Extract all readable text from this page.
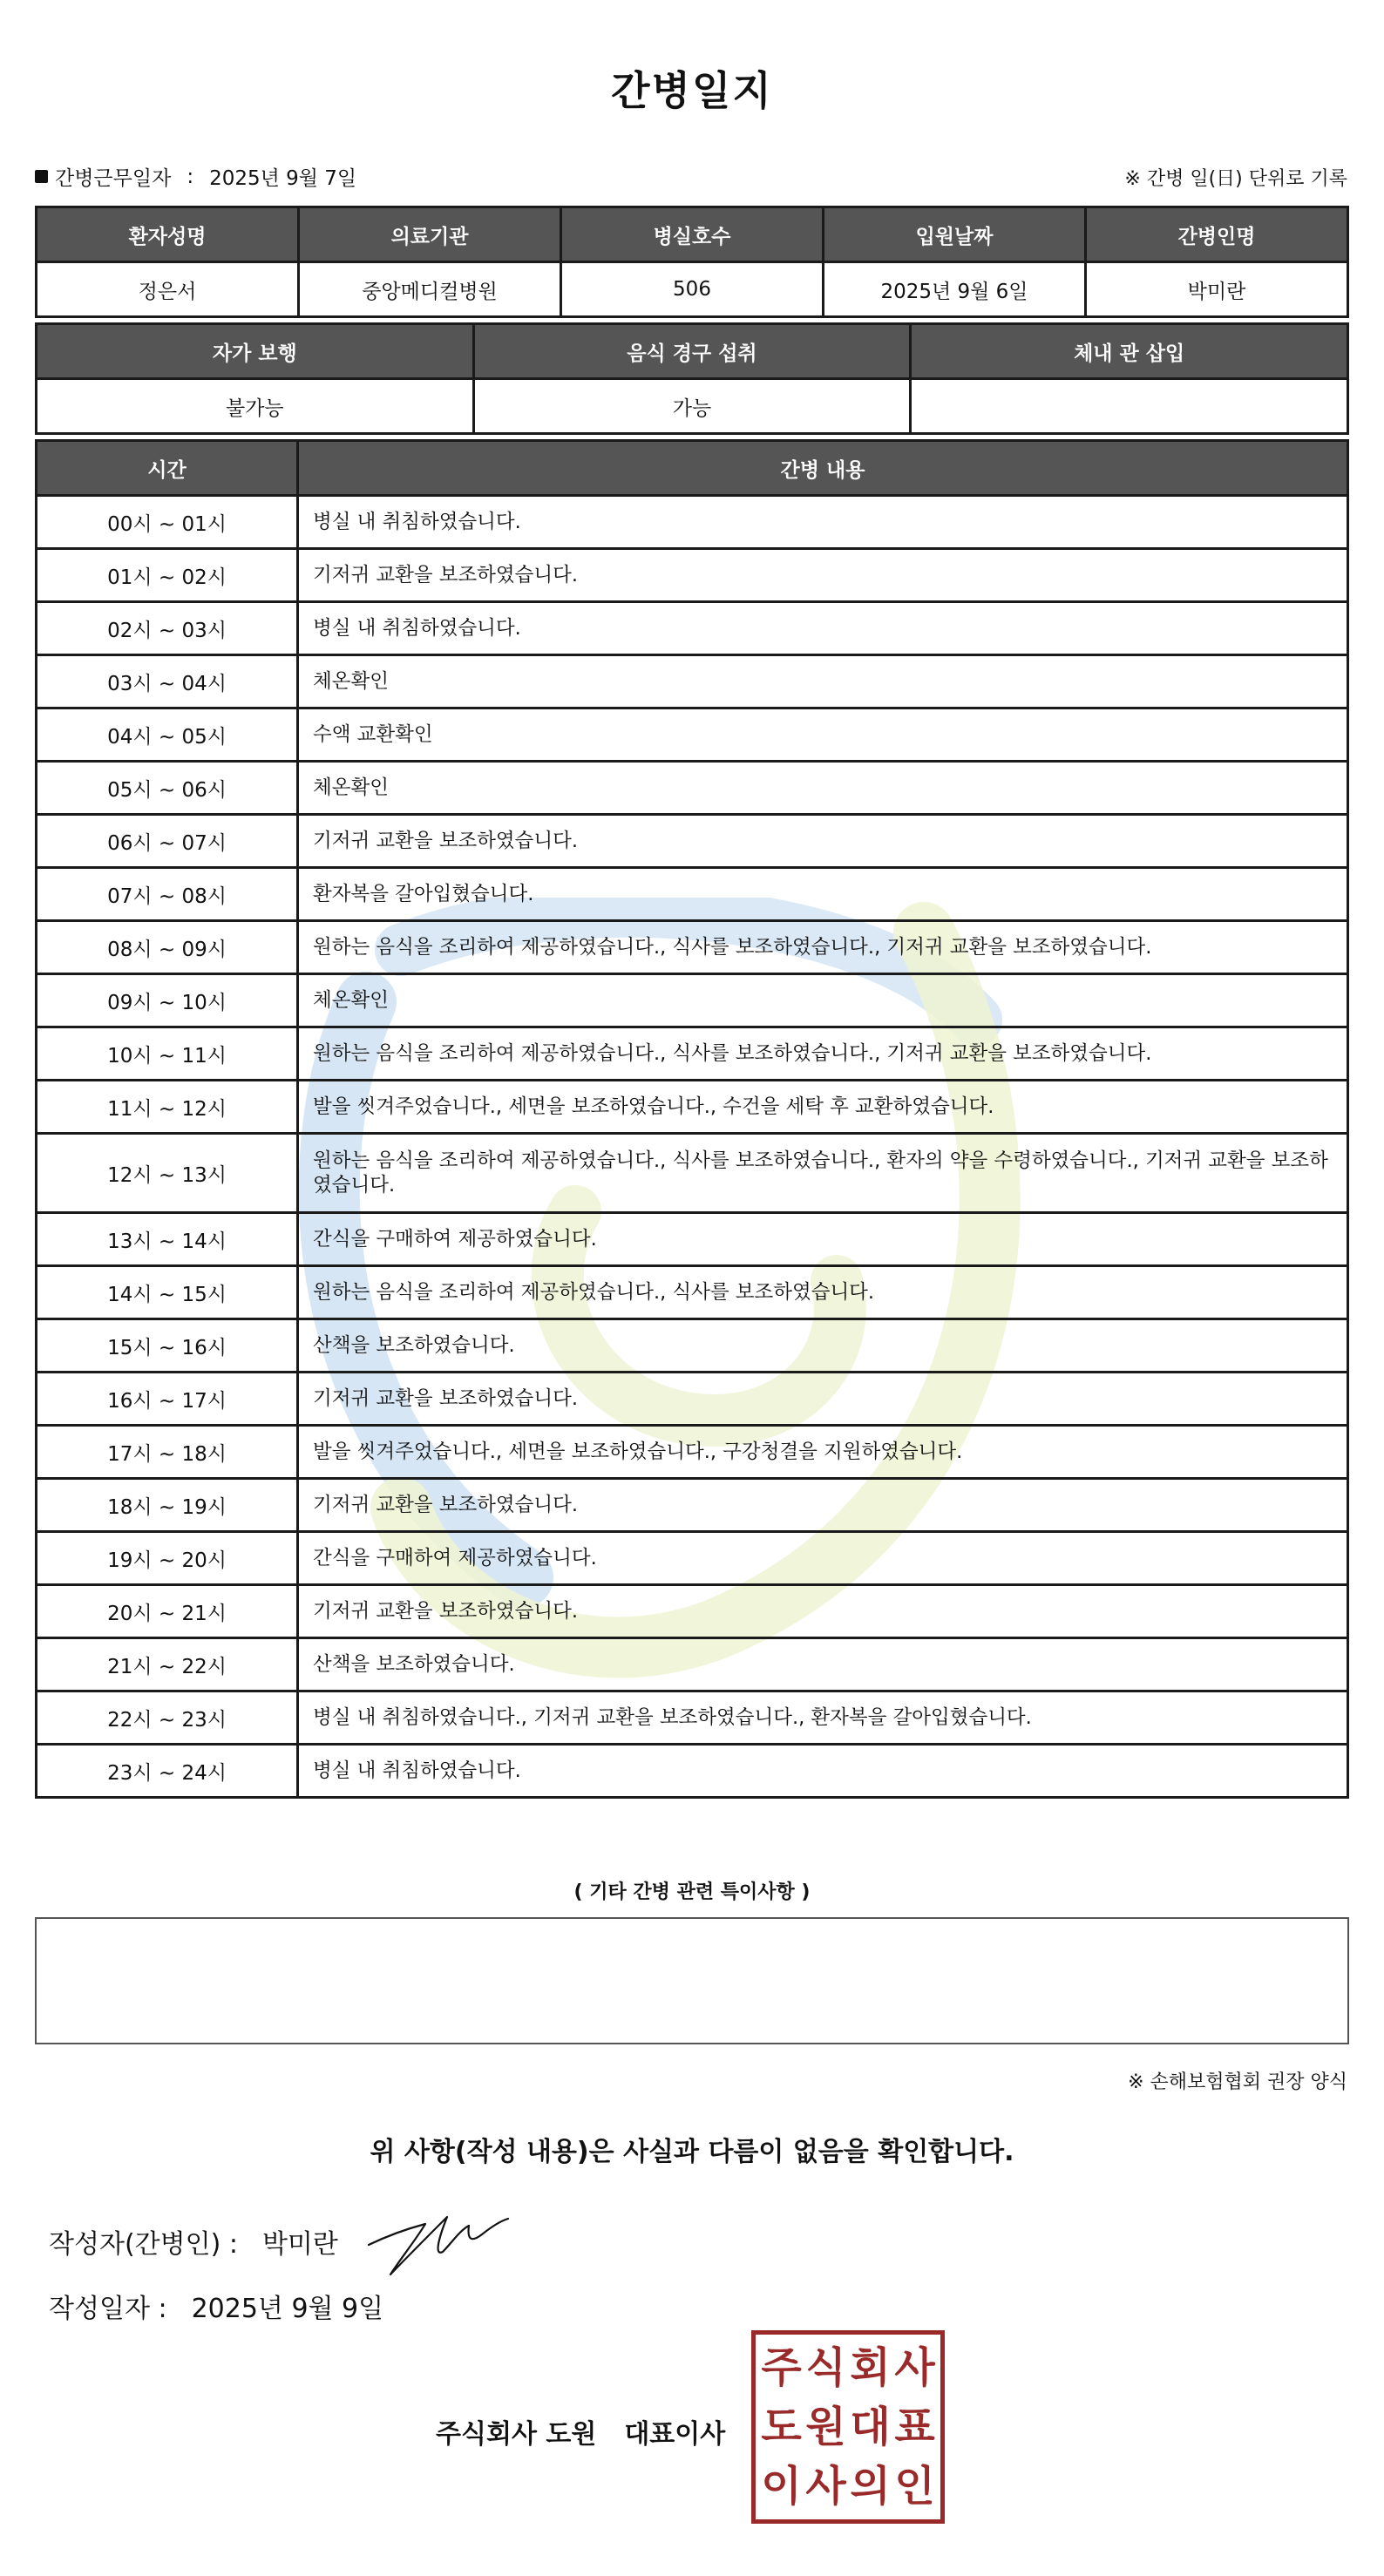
간병일지
간병근무일자 : 2025년 9월 7일	※ 간병 일(日) 단위로 기록
환자성명	의료기관	병실호수	입원날짜	간병인명
정은서	중앙메디컬병원	506	2025년 9월 6일	박미란
자가 보행	음식 경구 섭취	체내 관 삽입
불가능	가능	
시간	간병 내용
00시 ~ 01시	병실 내 취침하였습니다.
01시 ~ 02시	기저귀 교환을 보조하였습니다.
02시 ~ 03시	병실 내 취침하였습니다.
03시 ~ 04시	체온확인
04시 ~ 05시	수액 교환확인
05시 ~ 06시	체온확인
06시 ~ 07시	기저귀 교환을 보조하였습니다.
07시 ~ 08시	환자복을 갈아입혔습니다.
08시 ~ 09시	원하는 음식을 조리하여 제공하였습니다., 식사를 보조하였습니다., 기저귀 교환을 보조하였습니다.
09시 ~ 10시	체온확인
10시 ~ 11시	원하는 음식을 조리하여 제공하였습니다., 식사를 보조하였습니다., 기저귀 교환을 보조하였습니다.
11시 ~ 12시	발을 씻겨주었습니다., 세면을 보조하였습니다., 수건을 세탁 후 교환하였습니다.
12시 ~ 13시	원하는 음식을 조리하여 제공하였습니다., 식사를 보조하였습니다., 환자의 약을 수령하였습니다., 기저귀 교환을 보조하였습니다.
13시 ~ 14시	간식을 구매하여 제공하였습니다.
14시 ~ 15시	원하는 음식을 조리하여 제공하였습니다., 식사를 보조하였습니다.
15시 ~ 16시	산책을 보조하였습니다.
16시 ~ 17시	기저귀 교환을 보조하였습니다.
17시 ~ 18시	발을 씻겨주었습니다., 세면을 보조하였습니다., 구강청결을 지원하였습니다.
18시 ~ 19시	기저귀 교환을 보조하였습니다.
19시 ~ 20시	간식을 구매하여 제공하였습니다.
20시 ~ 21시	기저귀 교환을 보조하였습니다.
21시 ~ 22시	산책을 보조하였습니다.
22시 ~ 23시	병실 내 취침하였습니다., 기저귀 교환을 보조하였습니다., 환자복을 갈아입혔습니다.
23시 ~ 24시	병실 내 취침하였습니다.
( 기타 간병 관련 특이사항 )
※ 손해보험협회 권장 양식
위 사항(작성 내용)은 사실과 다름이 없음을 확인합니다.
작성자(간병인) : 박미란
작성일자 : 2025년 9월 9일
주식회사 도원 대표이사
주 식 회 사
도 원 대 표
이 사 의 인
